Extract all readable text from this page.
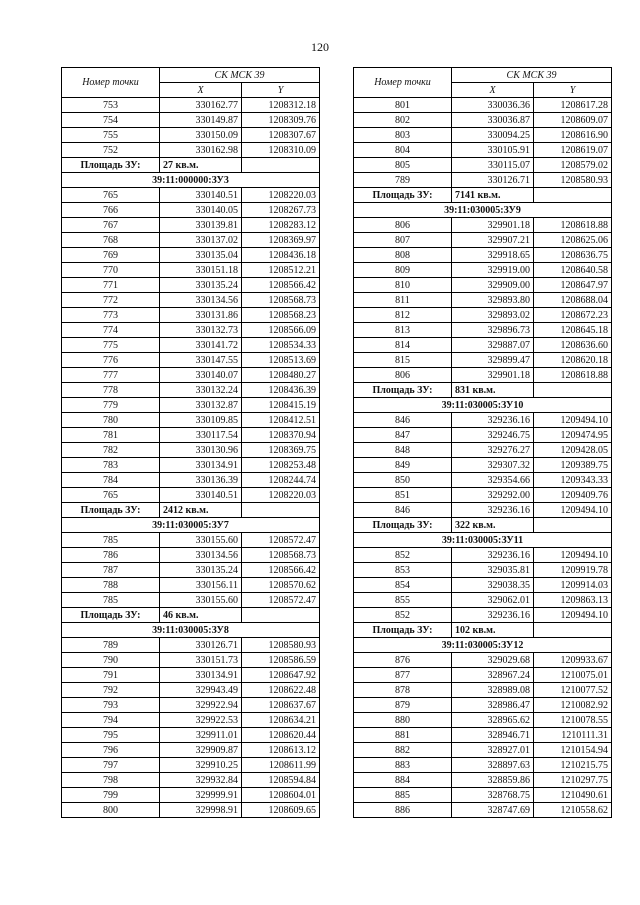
120
Номер точки	СК МСК 39	
	X	Y
753	330162.77	1208312.18
754	330149.87	1208309.76
755	330150.09	1208307.67
752	330162.98	1208310.09
Площадь ЗУ:	27 кв.м.	
39:11:000000:ЗУ3		
765	330140.51	1208220.03
766	330140.05	1208267.73
767	330139.81	1208283.12
768	330137.02	1208369.97
769	330135.04	1208436.18
770	330151.18	1208512.21
771	330135.24	1208566.42
772	330134.56	1208568.73
773	330131.86	1208568.23
774	330132.73	1208566.09
775	330141.72	1208534.33
776	330147.55	1208513.69
777	330140.07	1208480.27
778	330132.24	1208436.39
779	330132.87	1208415.19
780	330109.85	1208412.51
781	330117.54	1208370.94
782	330130.96	1208369.75
783	330134.91	1208253.48
784	330136.39	1208244.74
765	330140.51	1208220.03
Площадь ЗУ:	2412 кв.м.	
39:11:030005:ЗУ7		
785	330155.60	1208572.47
786	330134.56	1208568.73
787	330135.24	1208566.42
788	330156.11	1208570.62
785	330155.60	1208572.47
Площадь ЗУ:	46 кв.м.	
39:11:030005:ЗУ8		
789	330126.71	1208580.93
790	330151.73	1208586.59
791	330134.91	1208647.92
792	329943.49	1208622.48
793	329922.94	1208637.67
794	329922.53	1208634.21
795	329911.01	1208620.44
796	329909.87	1208613.12
797	329910.25	1208611.99
798	329932.84	1208594.84
799	329999.91	1208604.01
800	329998.91	1208609.65
Номер точки	СК МСК 39	
	X	Y
801	330036.36	1208617.28
802	330036.87	1208609.07
803	330094.25	1208616.90
804	330105.91	1208619.07
805	330115.07	1208579.02
789	330126.71	1208580.93
Площадь ЗУ:	7141 кв.м.	
39:11:030005:ЗУ9		
806	329901.18	1208618.88
807	329907.21	1208625.06
808	329918.65	1208636.75
809	329919.00	1208640.58
810	329909.00	1208647.97
811	329893.80	1208688.04
812	329893.02	1208672.23
813	329896.73	1208645.18
814	329887.07	1208636.60
815	329899.47	1208620.18
806	329901.18	1208618.88
Площадь ЗУ:	831 кв.м.	
39:11:030005:ЗУ10		
846	329236.16	1209494.10
847	329246.75	1209474.95
848	329276.27	1209428.05
849	329307.32	1209389.75
850	329354.66	1209343.33
851	329292.00	1209409.76
846	329236.16	1209494.10
Площадь ЗУ:	322 кв.м.	
39:11:030005:ЗУ11		
852	329236.16	1209494.10
853	329035.81	1209919.78
854	329038.35	1209914.03
855	329062.01	1209863.13
852	329236.16	1209494.10
Площадь ЗУ:	102 кв.м.	
39:11:030005:ЗУ12		
876	329029.68	1209933.67
877	328967.24	1210075.01
878	328989.08	1210077.52
879	328986.47	1210082.92
880	328965.62	1210078.55
881	328946.71	1210111.31
882	328927.01	1210154.94
883	328897.63	1210215.75
884	328859.86	1210297.75
885	328768.75	1210490.61
886	328747.69	1210558.62
